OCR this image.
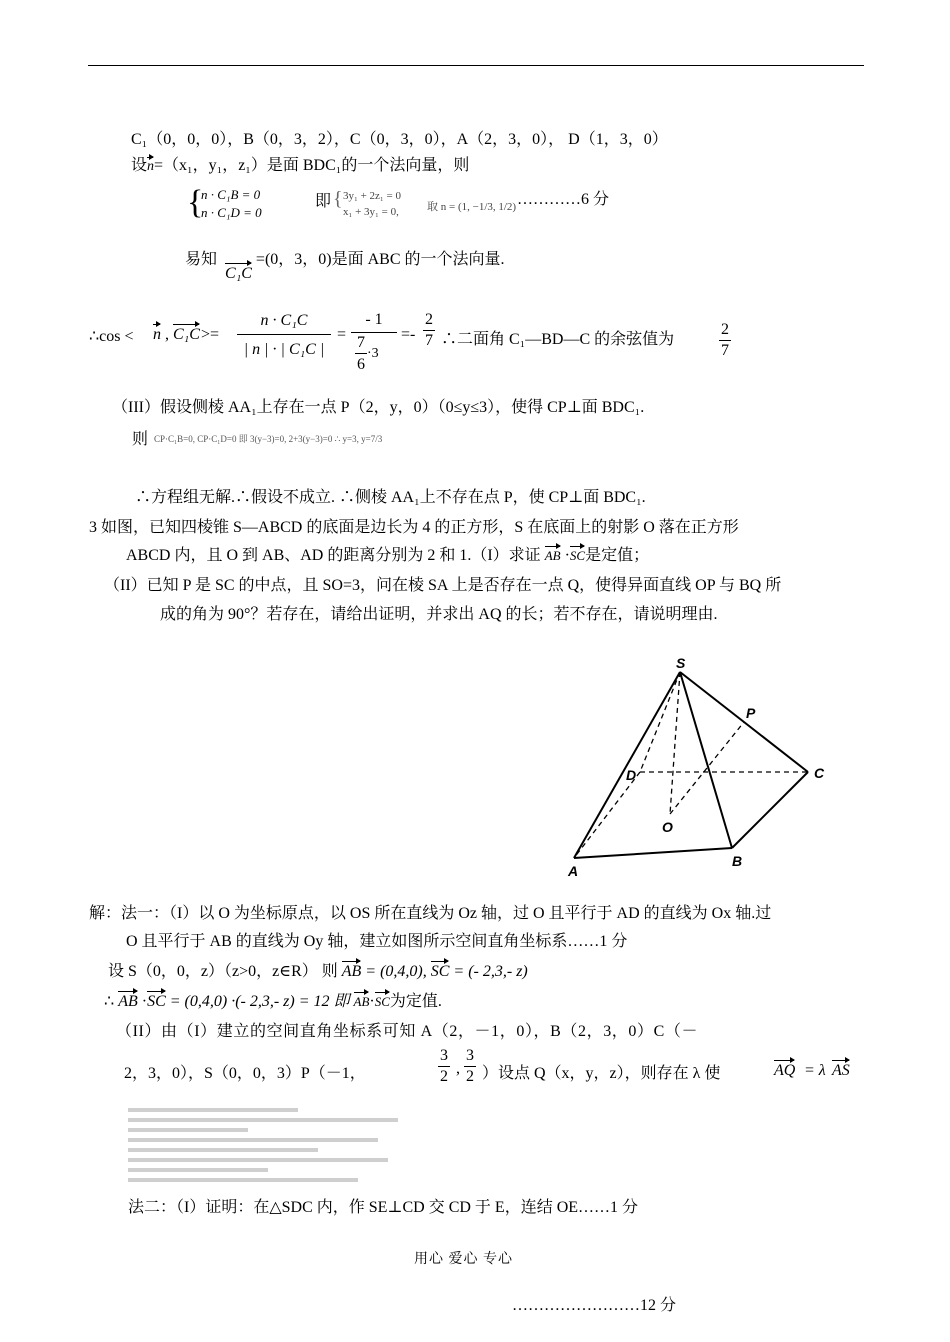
C₁（0，0，0），B（0，3，2），C（0，3，0），A（2，3，0）， D（1，3，0）
设n=（x₁，y₁，z₁）是面 BDC₁的一个法向量，则
{
n · C₁B = 0
n · C₁D = 0
即 { 3y₁ + 2z₁ = 0
x₁ + 3y₁ = 0,	取 n = (1, −1/3, 1/2) …………6 分
易知 C₁C=(0，3，0)是面 ABC 的一个法向量.
∴cos < n , C₁C >=
n · C₁C
| n | · | C₁C |
=
- 1
$\frac{7}{6} \cdot 3$
=- $\frac{2}{7}$ ∴二面角 C₁—BD—C 的余弦值为	$\frac{2}{7}$
（III）假设侧棱 AA₁上存在一点 P（2，y，0）（0≤y≤3），使得 CP⊥面 BDC₁.
则 CP·C₁B=0, CP·C₁D=0 即 3(y−3)=0, 2+3(y−3)=0 ∴ y=3, y=7/3
∴方程组无解.∴假设不成立. ∴侧棱 AA₁上不存在点 P，使 CP⊥面 BDC₁.
3 如图，已知四棱锥 S—ABCD 的底面是边长为 4 的正方形，S 在底面上的射影 O 落在正方形
ABCD 内，且 O 到 AB、AD 的距离分别为 2 和 1.（I）求证 AB ·SC是定值；
（II）已知 P 是 SC 的中点，且 SO=3，问在棱 SA 上是否存在一点 Q，使得异面直线 OP 与 BQ 所
成的角为 90°？若存在，请给出证明，并求出 AQ 的长；若不存在，请说明理由.
S
P
D	C
O
A
B
解：法一：（I）以 O 为坐标原点，以 OS 所在直线为 Oz 轴，过 O 且平行于 AD 的直线为 Ox 轴.过
O 且平行于 AB 的直线为 Oy 轴，建立如图所示空间直角坐标系……1 分
设 S（0，0，z）（z>0，z∈R） 则 AB = (0,4,0), SC = (- 2,3,- z)
∴ AB ·SC = (0,4,0) ·(- 2,3,- z) = 12 即 AB·SC为定值.
（II）由（I）建立的空间直角坐标系可知 A（2，－1，0），B（2，3，0）C（－
2，3，0），S（0，0，3）P（－1，	$\frac{3}{2}$ , $\frac{3}{2}$ ）设点 Q（x，y，z），则存在 λ 使	AQ = λ AS
法二：（I）证明：在△SDC 内，作 SE⊥CD 交 CD 于 E，连结 OE……1 分
用心 爱心 专心
……………………12 分
